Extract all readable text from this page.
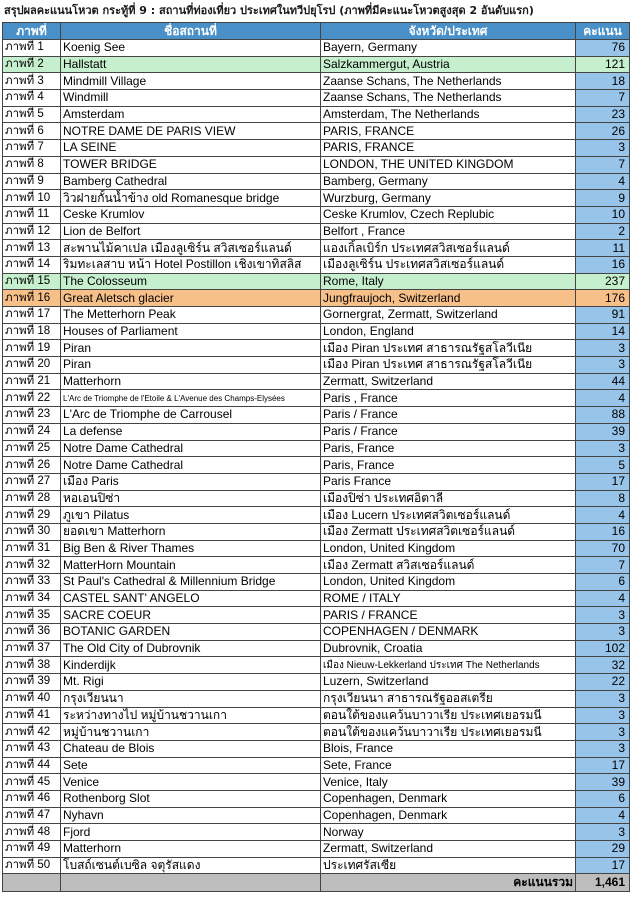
สรุปผลคะแนนโหวต กระทู้ที่ 9 : สถานที่ท่องเที่ยว ประเทศในทวีปยุโรป (ภาพที่มีคะแนะโหวตสูงสุด 2 อันดับแรก)
ภาพที่	ชื่อสถานที่	จังหวัด/ประเทศ	คะแนน
ภาพที่ 1	Koenig See	Bayern, Germany	76
ภาพที่ 2	Hallstatt	Salzkammergut, Austria	121
ภาพที่ 3	Mindmill Village	Zaanse Schans, The Netherlands	18
ภาพที่ 4	Windmill	Zaanse Schans, The Netherlands	7
ภาพที่ 5	Amsterdam	Amsterdam, The Netherlands	23
ภาพที่ 6	NOTRE DAME DE PARIS VIEW	PARIS, FRANCE	26
ภาพที่ 7	LA SEINE	PARIS, FRANCE	3
ภาพที่ 8	TOWER BRIDGE	LONDON, THE UNITED KINGDOM	7
ภาพที่ 9	Bamberg Cathedral	Bamberg, Germany	4
ภาพที่ 10	วิวฝายกั้นน้ำข้าง old Romanesque bridge	Wurzburg, Germany	9
ภาพที่ 11	Ceske Krumlov	Ceske Krumlov, Czech Replubic	10
ภาพที่ 12	Lion de Belfort	Belfort , France	2
ภาพที่ 13	สะพานไม้คาเปล เมืองลูเซิร์น สวิสเซอร์แลนด์	แองเกิ้ลเบิร์ก ประเทศสวิสเซอร์แลนด์	11
ภาพที่ 14	ริมทะเลสาบ หน้า Hotel Postillon เชิงเขาทิสลิส	เมืองลูเซิร์น ประเทศสวิสเซอร์แลนด์	16
ภาพที่ 15	The Colosseum	Rome, Italy	237
ภาพที่ 16	Great Aletsch glacier	Jungfraujoch, Switzerland	176
ภาพที่ 17	The Metterhorn Peak	Gornergrat, Zermatt, Switzerland	91
ภาพที่ 18	Houses of Parliament	London, England	14
ภาพที่ 19	Piran	เมือง Piran ประเทศ สาธารณรัฐสโลวีเนีย	3
ภาพที่ 20	Piran	เมือง Piran ประเทศ สาธารณรัฐสโลวีเนีย	3
ภาพที่ 21	Matterhorn	Zermatt, Switzerland	44
ภาพที่ 22	L'Arc de Triomphe de l'Etoile & L'Avenue des Champs-Elysées	Paris , France	4
ภาพที่ 23	L'Arc de Triomphe de Carrousel	Paris / France	88
ภาพที่ 24	La defense	Paris / France	39
ภาพที่ 25	Notre Dame Cathedral	Paris, France	3
ภาพที่ 26	Notre Dame Cathedral	Paris, France	5
ภาพที่ 27	เมือง Paris	Paris France	17
ภาพที่ 28	หอเอนปิซ่า	เมืองปิซ่า ประเทศอิตาลี	8
ภาพที่ 29	ภูเขา Pilatus	เมือง Lucern ประเทศสวิตเซอร์แลนด์	4
ภาพที่ 30	ยอดเขา Matterhorn	เมือง Zermatt ประเทศสวิตเซอร์แลนด์	16
ภาพที่ 31	Big Ben & River Thames	London, United Kingdom	70
ภาพที่ 32	MatterHorn Mountain	เมือง Zermatt สวิสเซอร์แลนด์	7
ภาพที่ 33	St Paul's Cathedral & Millennium Bridge	London, United Kingdom	6
ภาพที่ 34	CASTEL SANT' ANGELO	ROME / ITALY	4
ภาพที่ 35	SACRE COEUR	PARIS / FRANCE	3
ภาพที่ 36	BOTANIC GARDEN	COPENHAGEN / DENMARK	3
ภาพที่ 37	The Old City of Dubrovnik	Dubrovnik, Croatia	102
ภาพที่ 38	Kinderdijk	เมือง Nieuw-Lekkerland ประเทศ The Netherlands	32
ภาพที่ 39	Mt. Rigi	Luzern, Switzerland	22
ภาพที่ 40	กรุงเวียนนา	กรุงเวียนนา สาธารณรัฐออสเตรีย	3
ภาพที่ 41	ระหว่างทางไป หมู่บ้านชวานเกา	ตอนใต้ของแคว้นบาวาเรีย ประเทศเยอรมนี	3
ภาพที่ 42	หมู่บ้านชวานเกา	ตอนใต้ของแคว้นบาวาเรีย ประเทศเยอรมนี	3
ภาพที่ 43	Chateau de Blois	Blois, France	3
ภาพที่ 44	Sete	Sete, France	17
ภาพที่ 45	Venice	Venice, Italy	39
ภาพที่ 46	Rothenborg Slot	Copenhagen, Denmark	6
ภาพที่ 47	Nyhavn	Copenhagen, Denmark	4
ภาพที่ 48	Fjord	Norway	3
ภาพที่ 49	Matterhorn	Zermatt, Switzerland	29
ภาพที่ 50	โบสถ์เซนต์เบซิล จตุรัสแดง	ประเทศรัสเซีย	17
		คะแนนรวม	1,461
